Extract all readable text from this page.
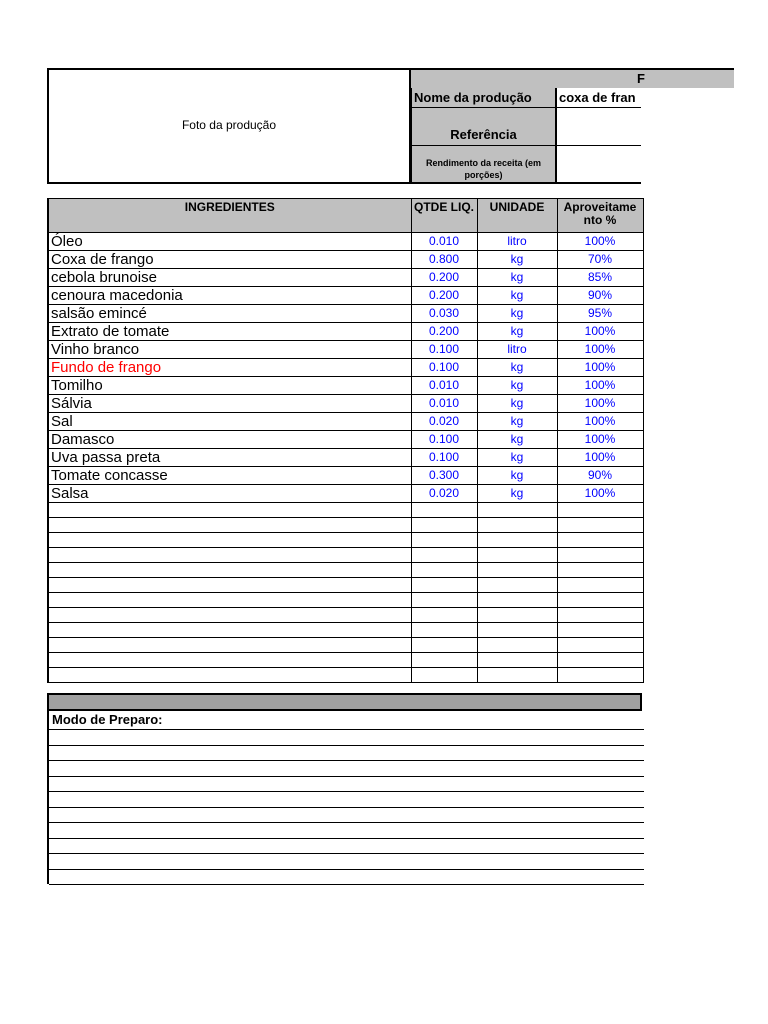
Foto da produção
F
Nome da produção	coxa de fran
Referência
Rendimento da receita (em porções)
INGREDIENTES	QTDE LIQ.	UNIDADE	Aproveitame nto %
Óleo	0.010	litro	100%
Coxa de frango	0.800	kg	70%
cebola brunoise	0.200	kg	85%
cenoura macedonia	0.200	kg	90%
salsão emincé	0.030	kg	95%
Extrato de tomate	0.200	kg	100%
Vinho branco	0.100	litro	100%
Fundo de frango	0.100	kg	100%
Tomilho	0.010	kg	100%
Sálvia	0.010	kg	100%
Sal	0.020	kg	100%
Damasco	0.100	kg	100%
Uva passa preta	0.100	kg	100%
Tomate concasse	0.300	kg	90%
Salsa	0.020	kg	100%

Modo de Preparo:
